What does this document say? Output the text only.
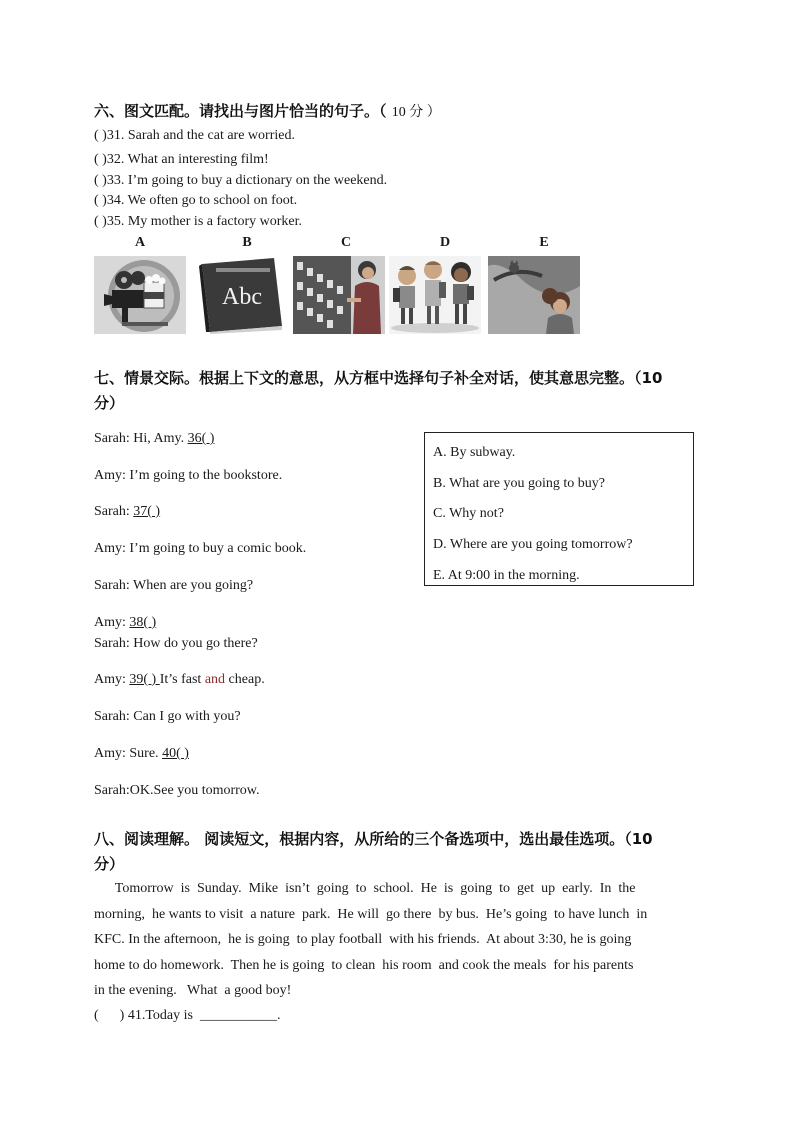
六、图文匹配。请找出与图片恰当的句子。（ 10 分 ）
( )31. Sarah and the cat are worried.
( )32. What an interesting film!
( )33. I’m going to buy a dictionary on the weekend.
( )34. We often go to school on foot.
( )35. My mother is a factory worker.
A	B	C	D	E
Abc
七、情景交际。根据上下文的意思，从方框中选择句子补全对话，使其意思完整。（10
分）
Sarah: Hi, Amy. 36( )
Amy: I’m going to the bookstore.
Sarah: 37( )
Amy: I’m going to buy a comic book.
Sarah: When are you going?
Amy: 38( )
Sarah: How do you go there?
Amy: 39( ) It’s fast and cheap.
Sarah: Can I go with you?
Amy: Sure. 40( )
Sarah:OK.See you tomorrow.
A. By subway.
B. What are you going to buy?
C. Why not?
D. Where are you going tomorrow?
E. At 9:00 in the morning.
八、阅读理解。 阅读短文，根据内容，从所给的三个备选项中，选出最佳选项。（10
分）
Tomorrow  is  Sunday.  Mike  isn’t  going  to  school.  He  is  going  to  get  up  early.  In  the
morning,  he wants to visit  a nature  park.  He will  go there  by bus.  He’s going  to have lunch  in
KFC. In the afternoon,  he is going  to play football  with his friends.  At about 3:30, he is going
home to do homework.  Then he is going  to clean  his room  and cook the meals  for his parents
in the evening.   What  a good boy!
(      ) 41.Today is  ___________.
